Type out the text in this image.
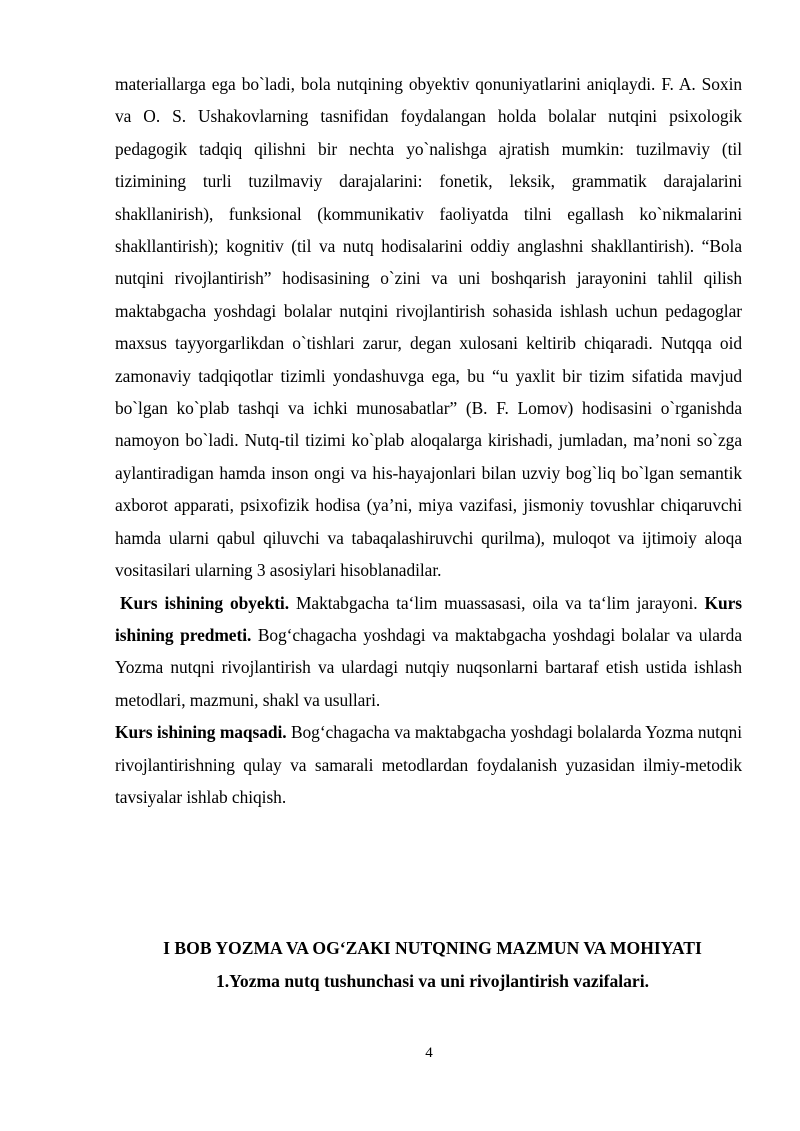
materiallarga ega bo`ladi, bola nutqining obyektiv qonuniyatlarini aniqlaydi. F. A. Soxin va O. S. Ushakovlarning tasnifidan foydalangan holda bolalar nutqini psixologik pedagogik tadqiq qilishni bir nechta yo`nalishga ajratish mumkin: tuzilmaviy (til tizimining turli tuzilmaviy darajalarini: fonetik, leksik, grammatik darajalarini shakllanirish), funksional (kommunikativ faoliyatda tilni egallash ko`nikmalarini shakllantirish); kognitiv (til va nutq hodisalarini oddiy anglashni shakllantirish). “Bola nutqini rivojlantirish” hodisasining o`zini va uni boshqarish jarayonini tahlil qilish maktabgacha yoshdagi bolalar nutqini rivojlantirish sohasida ishlash uchun pedagoglar maxsus tayyorgarlikdan o`tishlari zarur, degan xulosani keltirib chiqaradi. Nutqqa oid zamonaviy tadqiqotlar tizimli yondashuvga ega, bu “u yaxlit bir tizim sifatida mavjud bo`lgan ko`plab tashqi va ichki munosabatlar” (B. F. Lomov) hodisasini o`rganishda namoyon bo`ladi. Nutq-til tizimi ko`plab aloqalarga kirishadi, jumladan, ma’noni so`zga aylantiradigan hamda inson ongi va his-hayajonlari bilan uzviy bog`liq bo`lgan semantik axborot apparati, psixofizik hodisa (ya’ni, miya vazifasi, jismoniy tovushlar chiqaruvchi hamda ularni qabul qiluvchi va tabaqalashiruvchi qurilma), muloqot va ijtimoiy aloqa vositasilari ularning 3 asosiylari hisoblanadilar.

Kurs ishining obyekti. Maktabgacha ta‘lim muassasasi, oila va ta‘lim jarayoni. Kurs ishining predmeti. Bog‘chagacha yoshdagi va maktabgacha yoshdagi bolalar va ularda Yozma nutqni rivojlantirish va ulardagi nutqiy nuqsonlarni bartaraf etish ustida ishlash metodlari, mazmuni, shakl va usullari.

Kurs ishining maqsadi. Bog‘chagacha va maktabgacha yoshdagi bolalarda Yozma nutqni rivojlantirishning qulay va samarali metodlardan foydalanish yuzasidan ilmiy-metodik tavsiyalar ishlab chiqish.

I BOB YOZMA VA OG‘ZAKI NUTQNING MAZMUN VA MOHIYATI
1.Yozma nutq tushunchasi va uni rivojlantirish vazifalari.
4
